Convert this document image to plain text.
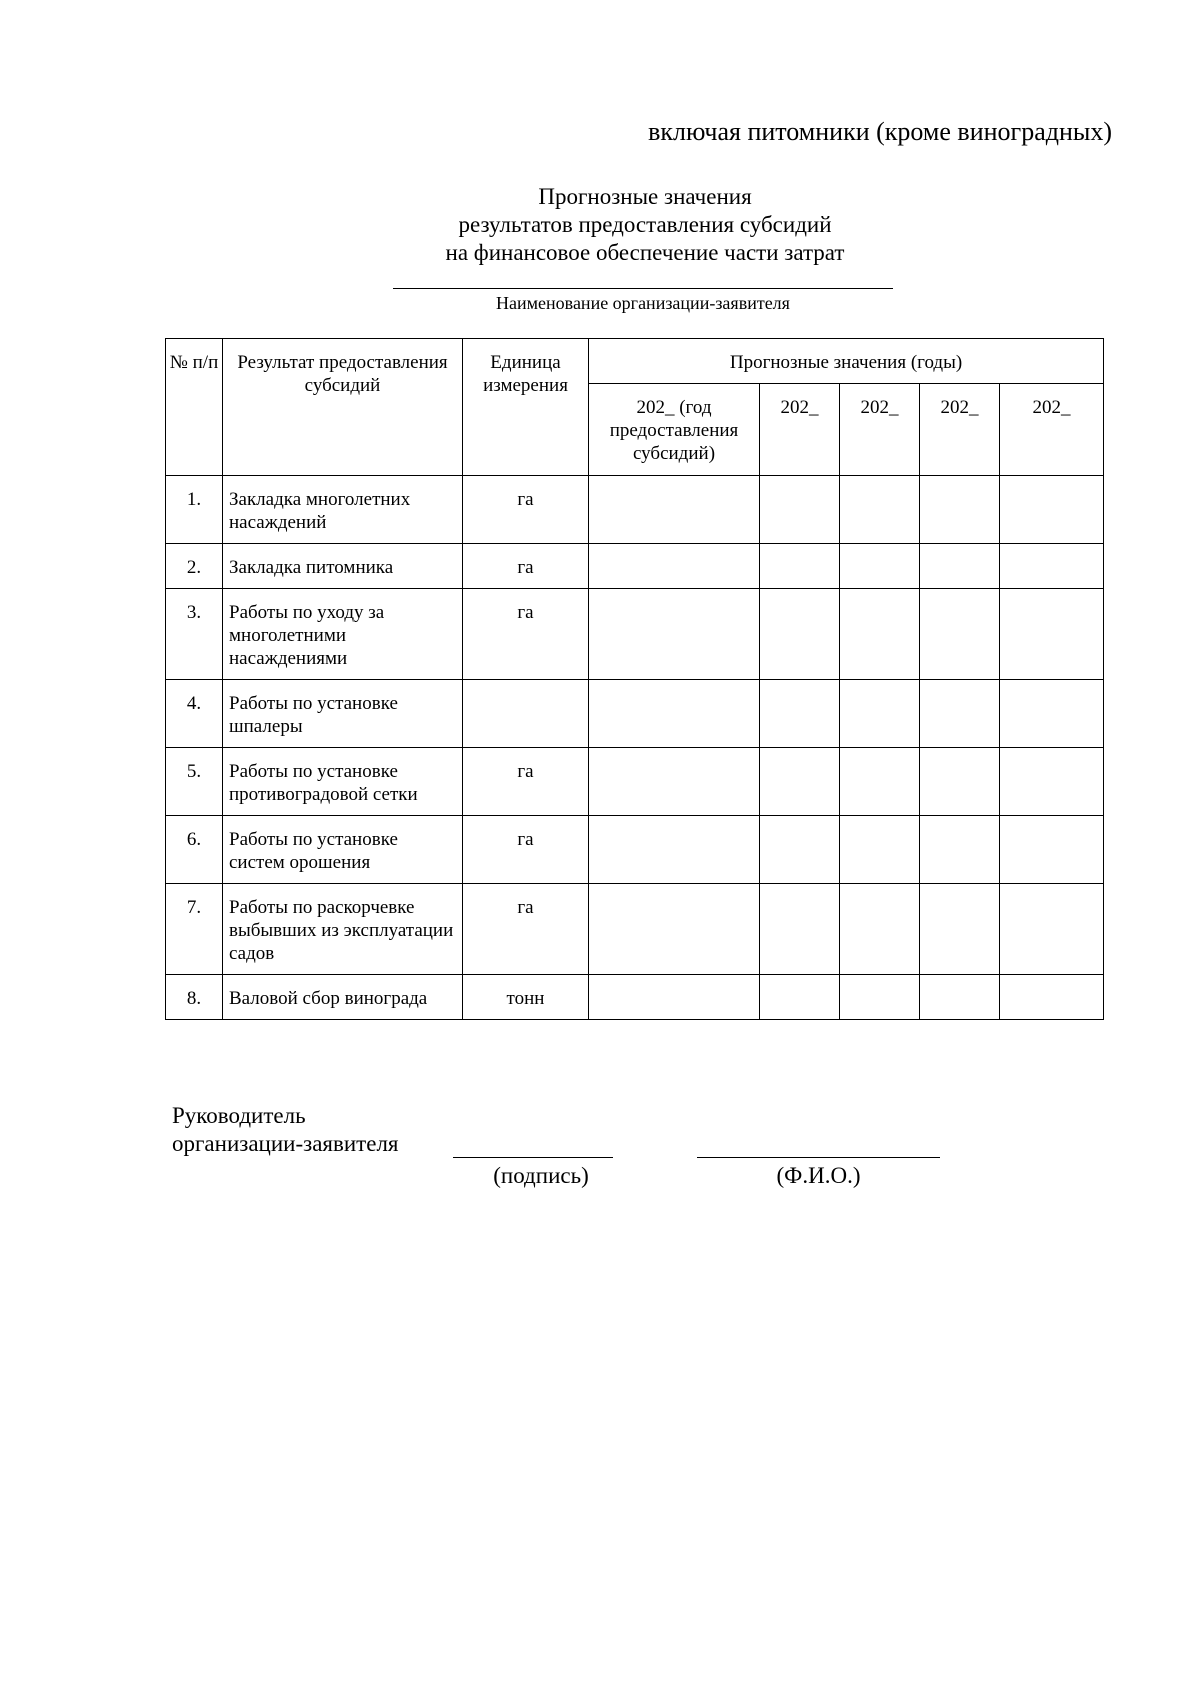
включая питомники (кроме виноградных)
Прогнозные значения
результатов предоставления субсидий
на финансовое обеспечение части затрат
Наименование организации-заявителя
№ п/п	Результат предоставления субсидий	Единица измерения	Прогнозные значения (годы)				
			202_ (год предоставления субсидий)	202_	202_	202_	202_
1.	Закладка многолетних насаждений	га					
2.	Закладка питомника	га					
3.	Работы по уходу за многолетними насаждениями	га					
4.	Работы по установке шпалеры						
5.	Работы по установке противоградовой сетки	га					
6.	Работы по установке систем орошения	га					
7.	Работы по раскорчевке выбывших из эксплуатации садов	га					
8.	Валовой сбор винограда	тонн					
Руководитель
организации-заявителя
(подпись)	(Ф.И.О.)
